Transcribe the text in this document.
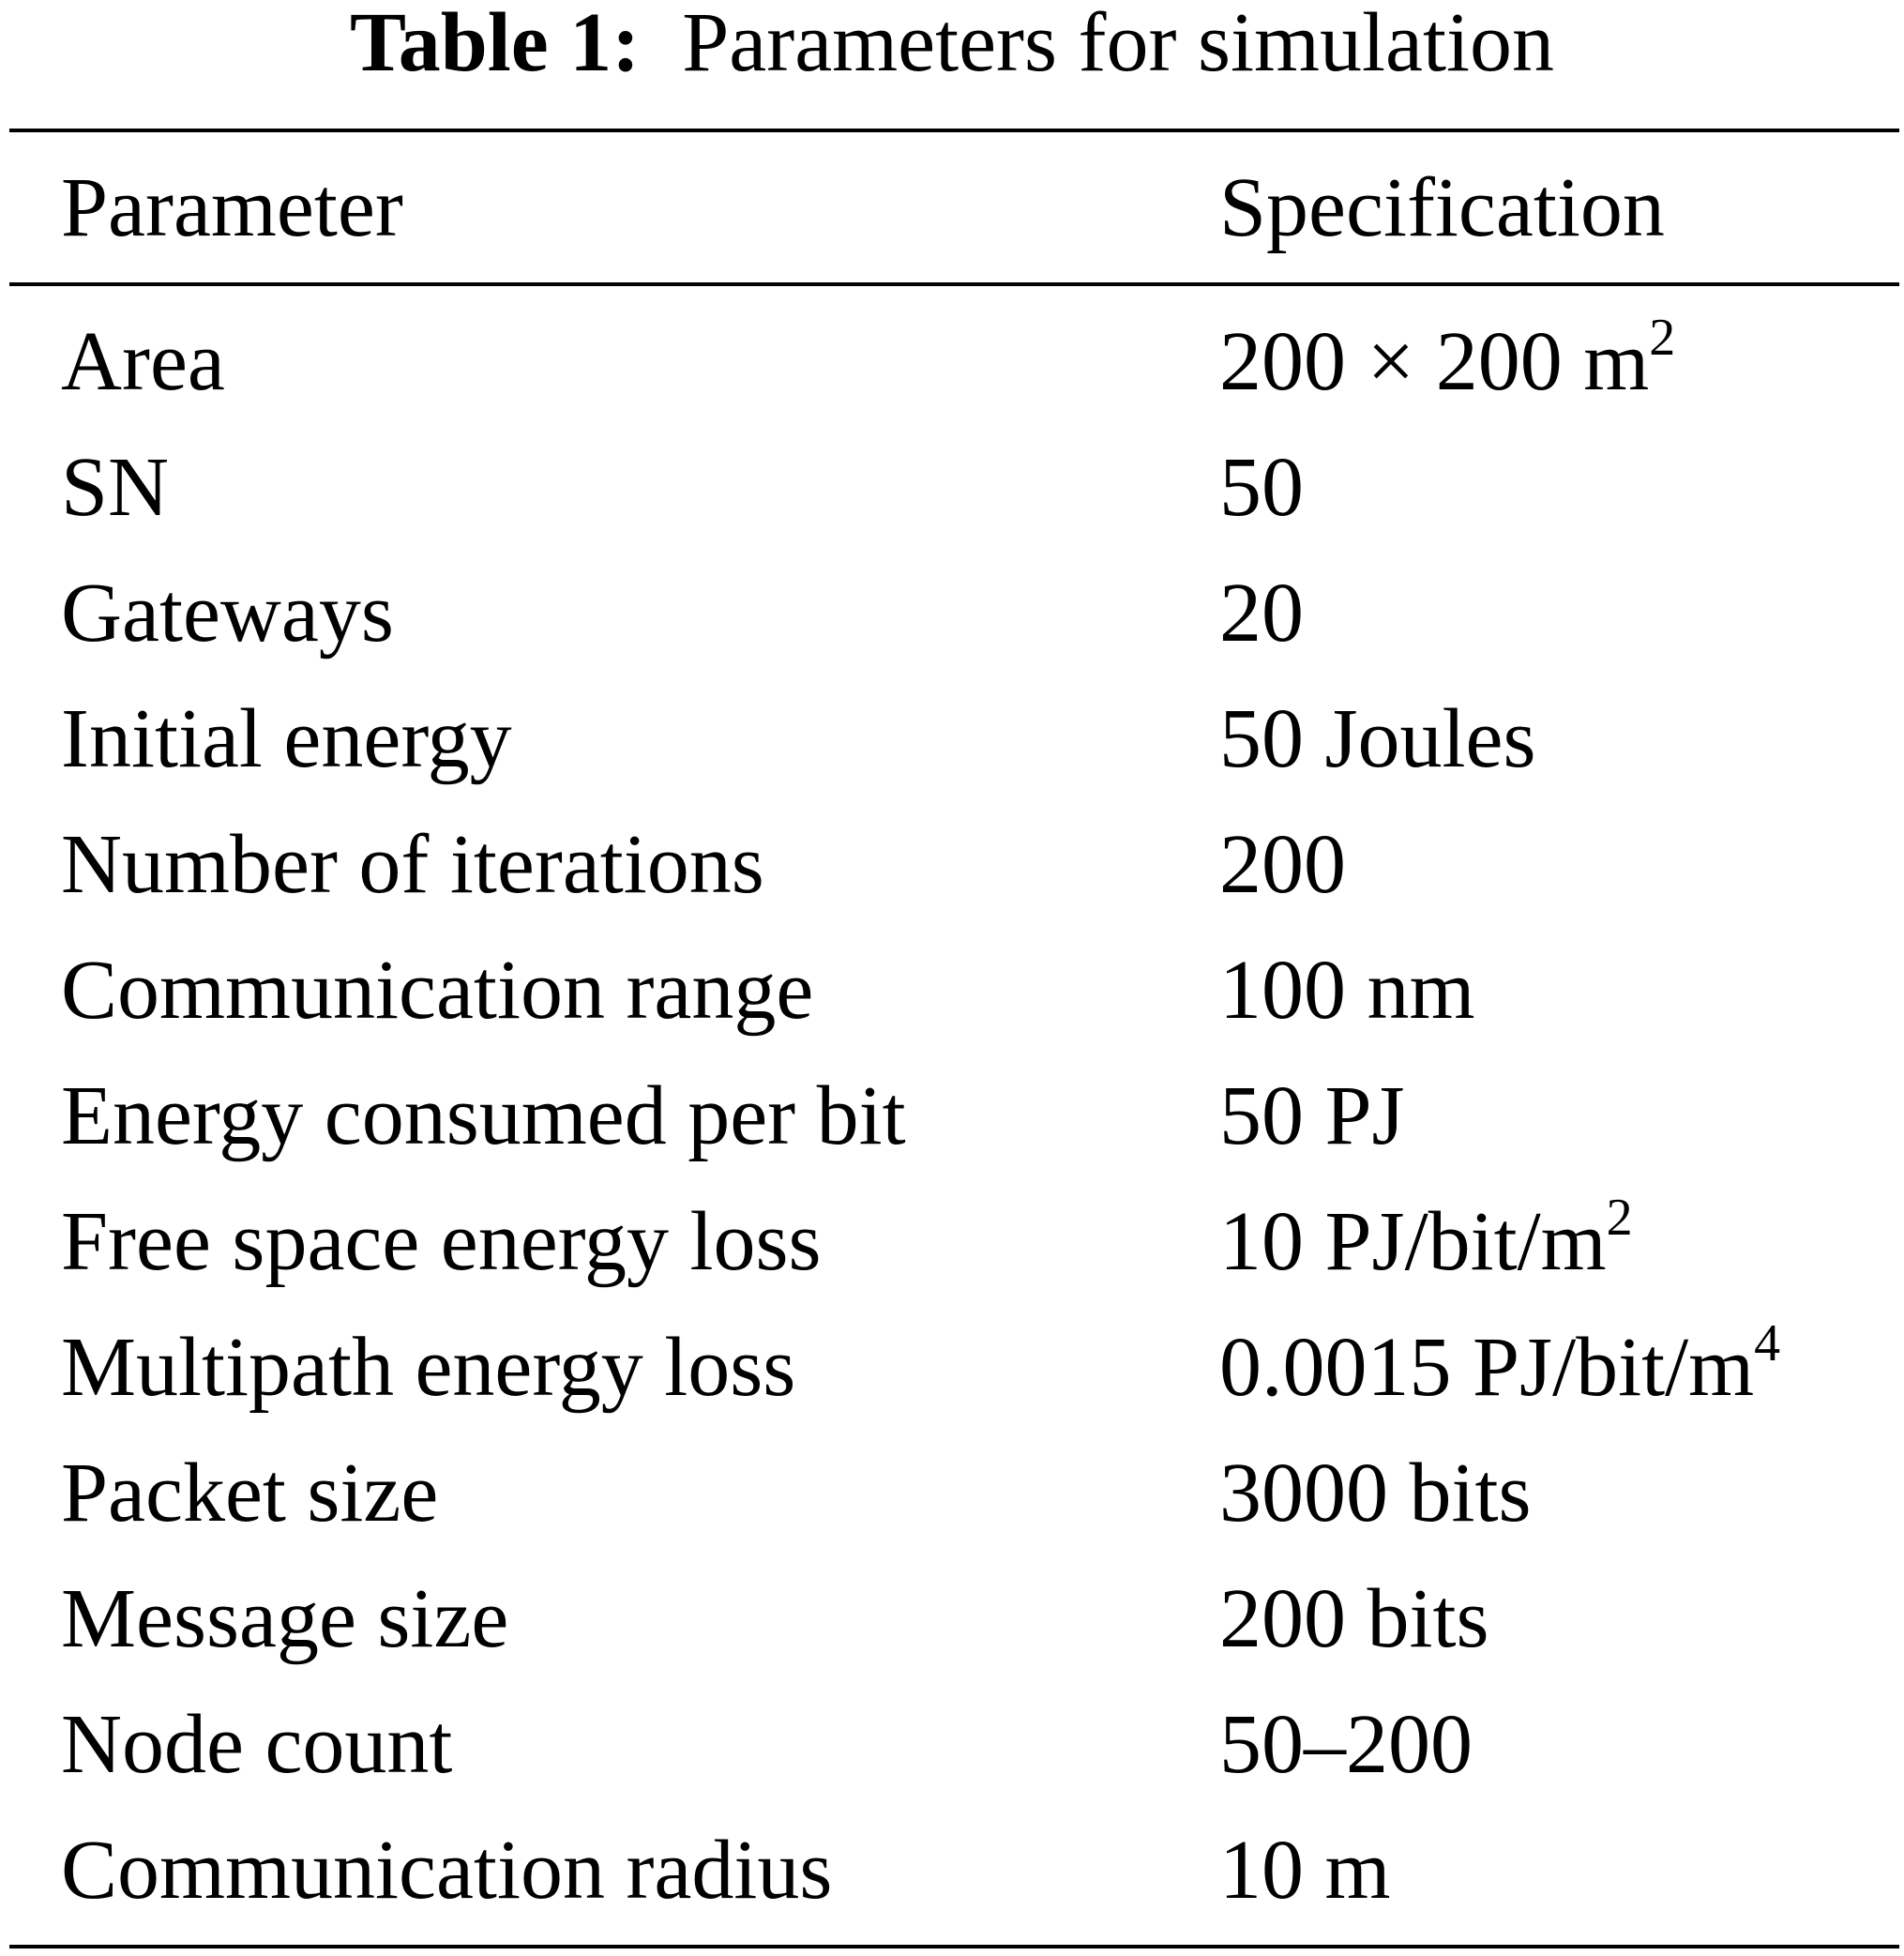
Table 1: Parameters for simulation
Parameter	Specification
Area	200 × 200 $m^2$
SN	50
Gateways	20
Initial energy	50 Joules
Number of iterations	200
Communication range	100 nm
Energy consumed per bit	50 PJ
Free space energy loss	10 $PJ/bit/m^2$
Multipath energy loss	0.0015 $PJ/bit/m^4$
Packet size	3000 bits
Message size	200 bits
Node count	50–200
Communication radius	10 m
